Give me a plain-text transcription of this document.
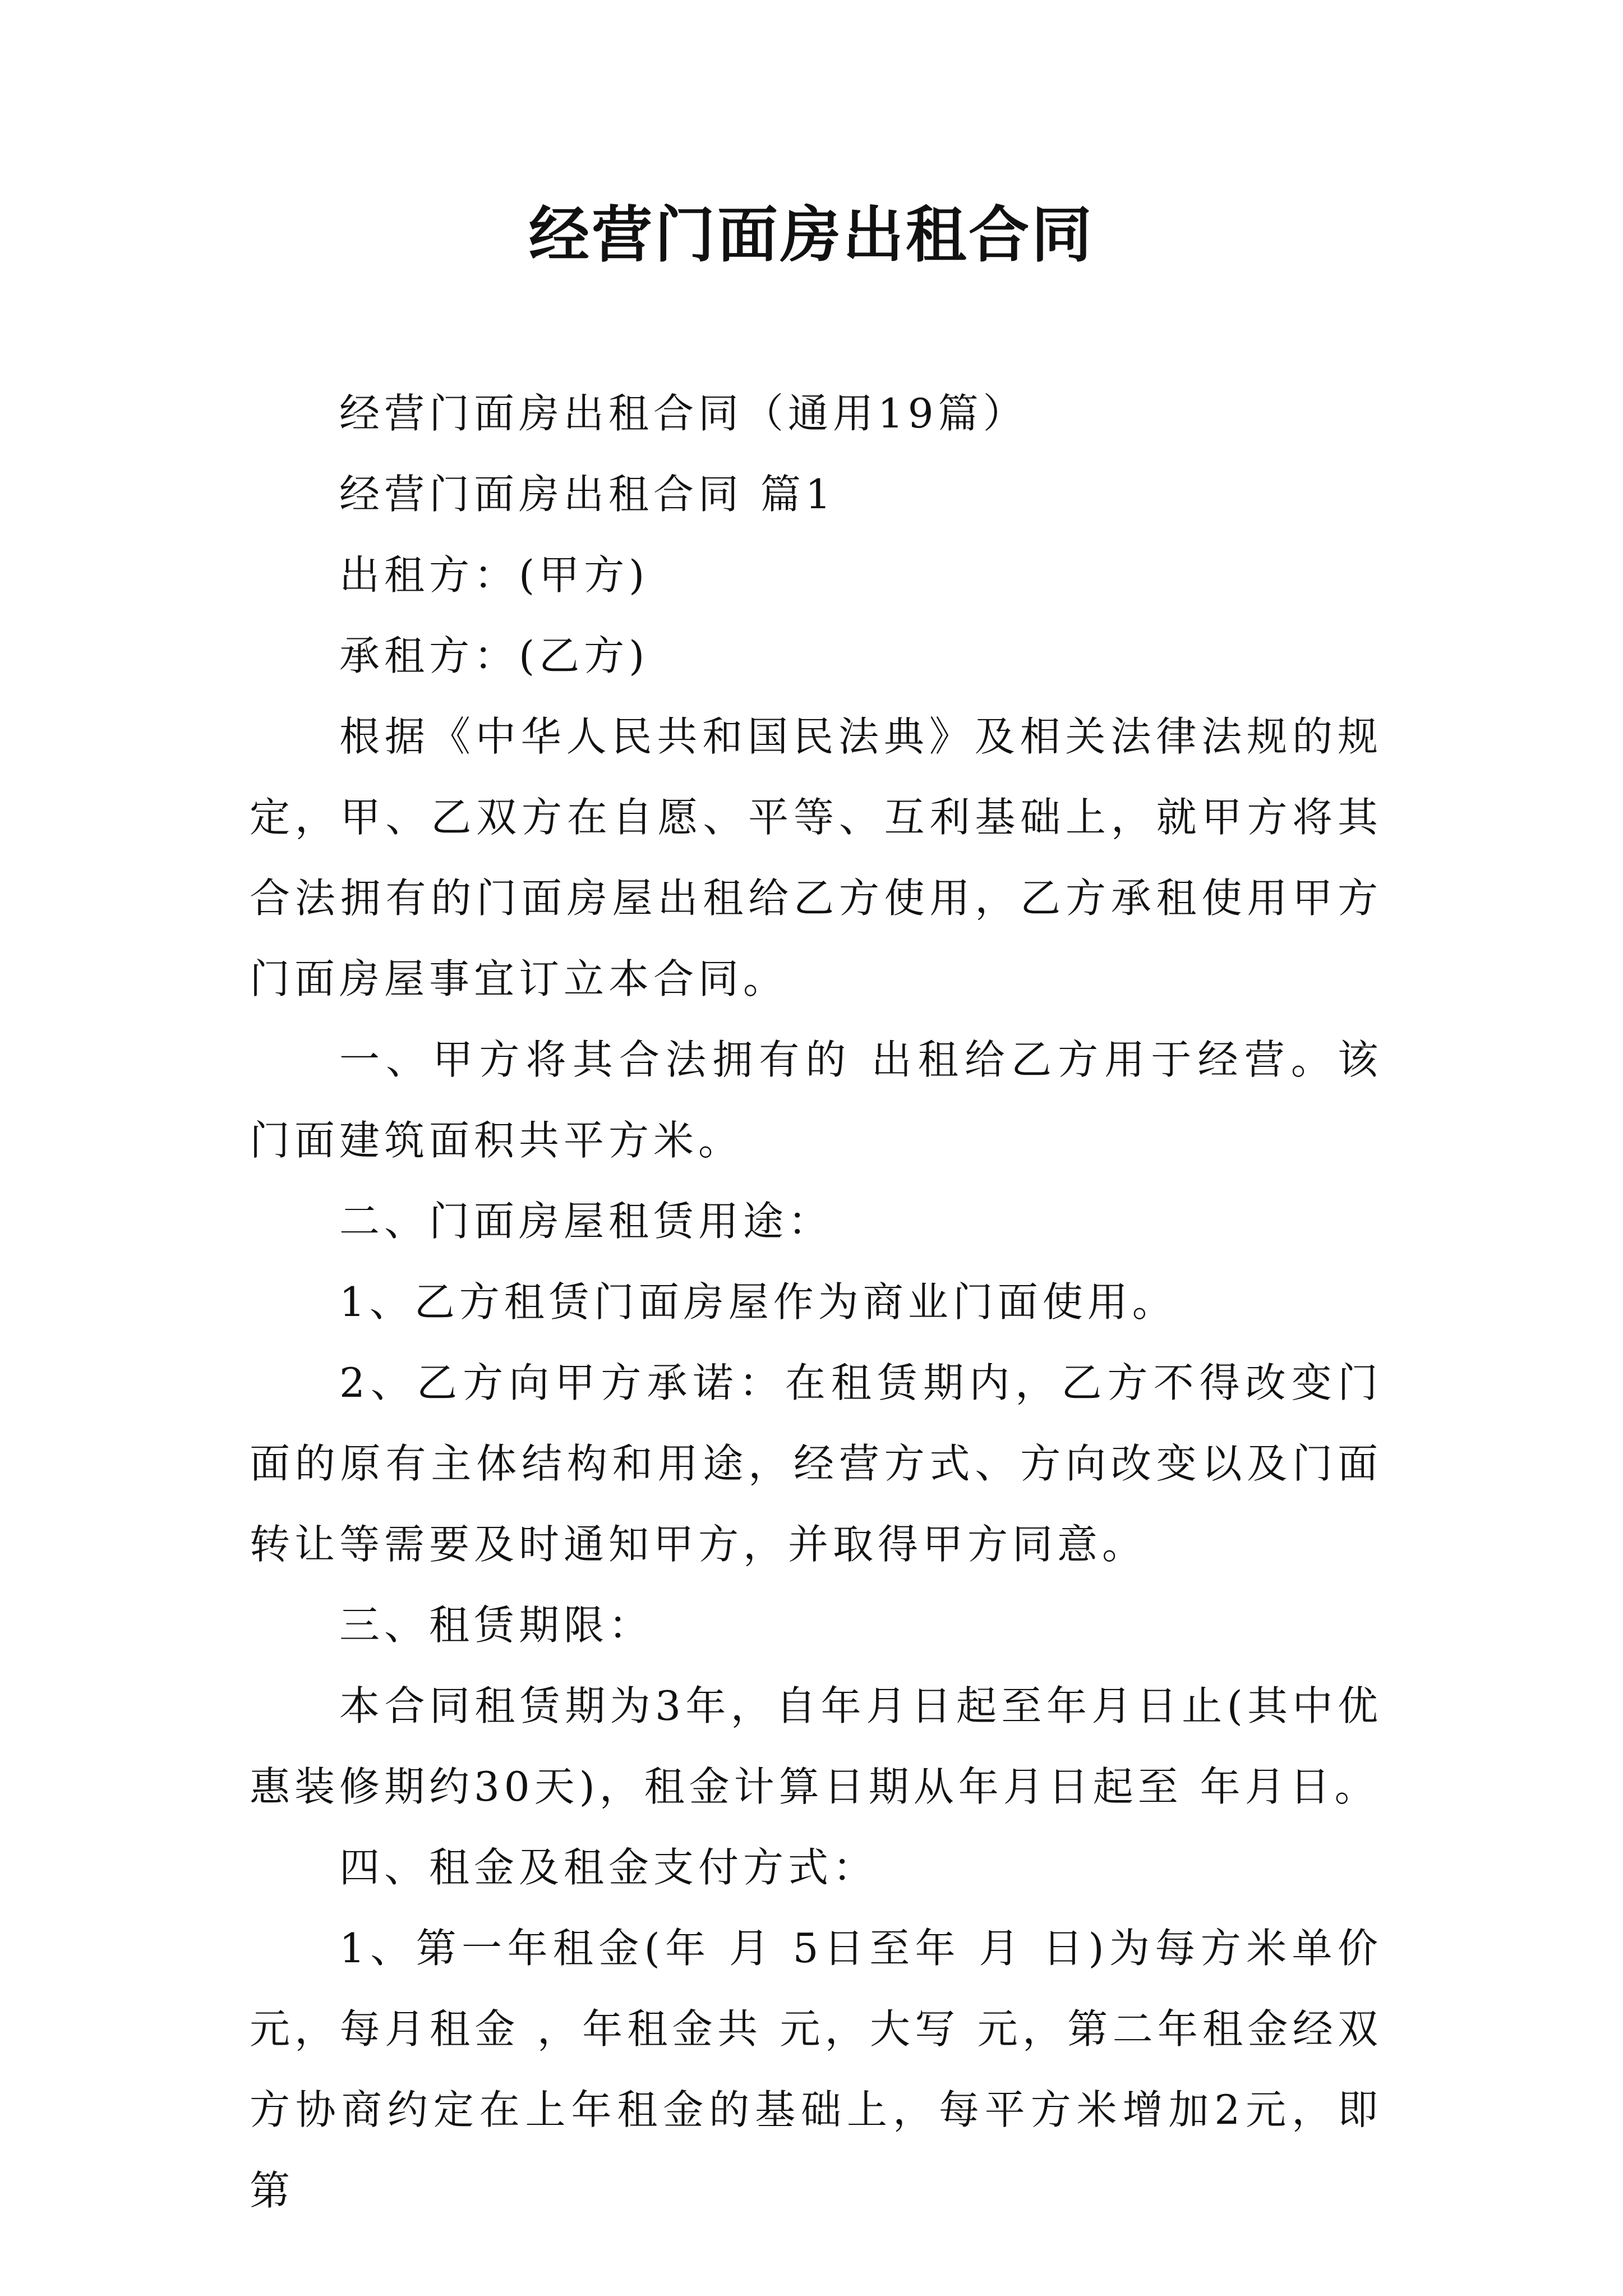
经营门面房出租合同

经营门面房出租合同（通用19篇）

经营门面房出租合同 篇1

出租方：(甲方)

承租方：(乙方)

根据《中华人民共和国民法典》及相关法律法规的规定，甲、乙双方在自愿、平等、互利基础上，就甲方将其合法拥有的门面房屋出租给乙方使用，乙方承租使用甲方门面房屋事宜订立本合同。

一、甲方将其合法拥有的 出租给乙方用于经营。该门面建筑面积共平方米。

二、门面房屋租赁用途：

1、乙方租赁门面房屋作为商业门面使用。

2、乙方向甲方承诺：在租赁期内，乙方不得改变门面的原有主体结构和用途，经营方式、方向改变以及门面转让等需要及时通知甲方，并取得甲方同意。

三、租赁期限：

本合同租赁期为3年，自年月日起至年月日止(其中优惠装修期约30天)，租金计算日期从年月日起至 年月日。

四、租金及租金支付方式：

1、第一年租金(年 月 5日至年 月 日)为每方米单价 元，每月租金 ，年租金共 元，大写 元，第二年租金经双方协商约定在上年租金的基础上，每平方米增加2元，即第
